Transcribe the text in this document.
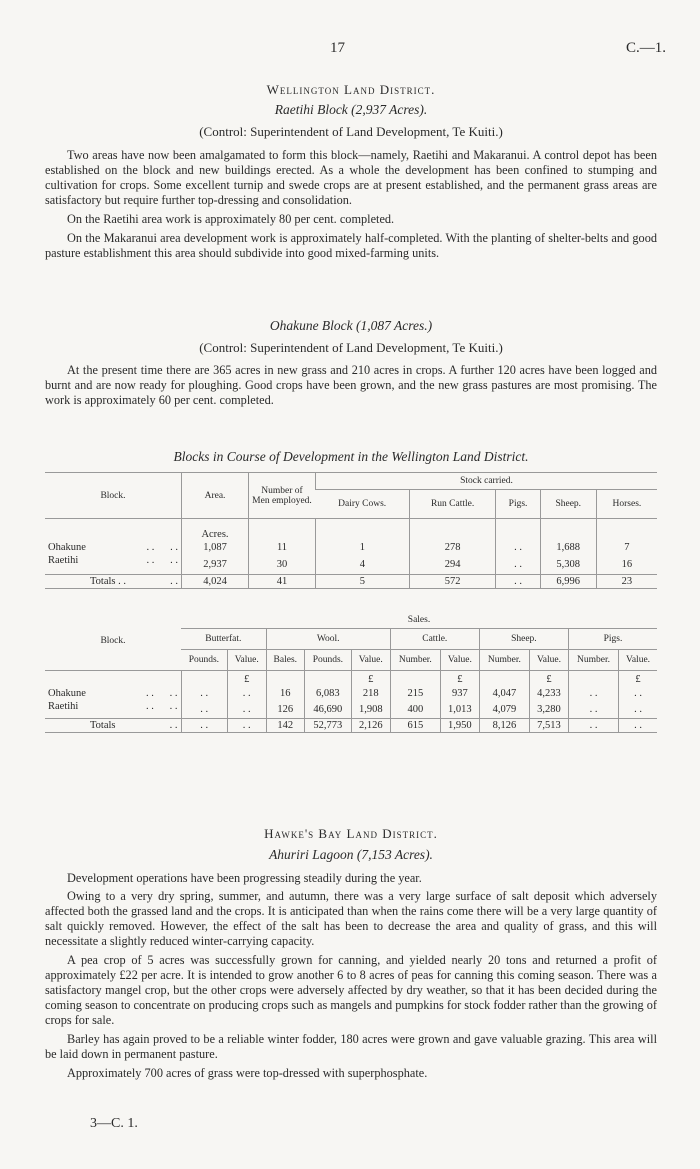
17	C.—1.
Wellington Land District.
Raetihi Block (2,937 Acres).
(Control: Superintendent of Land Development, Te Kuiti.)

Two areas have now been amalgamated to form this block—namely, Raetihi and Makaranui. A control depot has been established on the block and new buildings erected. As a whole the development has been confined to stumping and cultivation for crops. Some excellent turnip and swede crops are at present established, and the permanent grass areas are satisfactory but require further top-dressing and consolidation.

On the Raetihi area work is approximately 80 per cent. completed.

On the Makaranui area development work is approximately half-completed. With the planting of shelter-belts and good pasture establishment this area should subdivide into good mixed-farming units.

Ohakune Block (1,087 Acres.)
(Control: Superintendent of Land Development, Te Kuiti.)

At the present time there are 365 acres in new grass and 210 acres in crops. A further 120 acres have been logged and burnt and are now ready for ploughing. Good crops have been grown, and the new grass pastures are most promising. The work is approximately 60 per cent. completed.

Blocks in Course of Development in the Wellington Land District.
Block.	Area.	Number of Men employed.	Stock carried.				
			Dairy Cows.	Run Cattle.	Pigs.	Sheep.	Horses.
	Acres.						
Ohakune . .      . .	1,087	11	1	278	. .	1,688	7
Raetihi . .      . .	2,937	30	4	294	. .	5,308	16
Totals . . . .	4,024	41	5	572	. .	6,996	23
Block.	Sales.										
	Butterfat.		Wool.			Cattle.		Sheep.		Pigs.	
	Pounds.	Value.	Bales.	Pounds.	Value.	Number.	Value.	Number.	Value.	Number.	Value.
		£			£		£		£		£
Ohakune . .      . .	. .	. .	16	6,083	218	215	937	4,047	4,233	. .	. .
Raetihi . .      . .	. .	. .	126	46,690	1,908	400	1,013	4,079	3,280	. .	. .
Totals . .	. .	. .	142	52,773	2,126	615	1,950	8,126	7,513	. .	. .
Hawke's Bay Land District.
Ahuriri Lagoon (7,153 Acres).

Development operations have been progressing steadily during the year.

Owing to a very dry spring, summer, and autumn, there was a very large surface of salt deposit which adversely affected both the grassed land and the crops. It is anticipated than when the rains come there will be a very large quantity of salt quickly removed. However, the effect of the salt has been to decrease the area and quality of grass, and this will necessitate a slightly reduced winter-carrying capacity.

A pea crop of 5 acres was successfully grown for canning, and yielded nearly 20 tons and returned a profit of approximately £22 per acre. It is intended to grow another 6 to 8 acres of peas for canning this coming season. There was a satisfactory mangel crop, but the other crops were adversely affected by dry weather, so that it has been decided during the coming season to concentrate on producing crops such as mangels and pumpkins for stock fodder rather than the growing of crops for sale.

Barley has again proved to be a reliable winter fodder, 180 acres were grown and gave valuable grazing. This area will be laid down in permanent pasture.

Approximately 700 acres of grass were top-dressed with superphosphate.

3—C. 1.
